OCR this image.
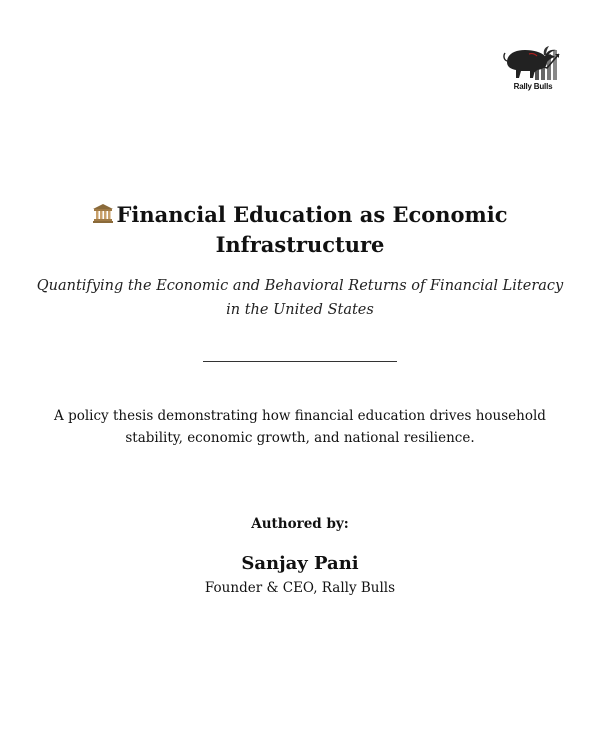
Rally Bulls
Financial Education as Economic Infrastructure

Quantifying the Economic and Behavioral Returns of Financial Literacy in the United States

A policy thesis demonstrating how financial education drives household stability, economic growth, and national resilience.

Authored by:
Sanjay Pani
Founder & CEO, Rally Bulls
